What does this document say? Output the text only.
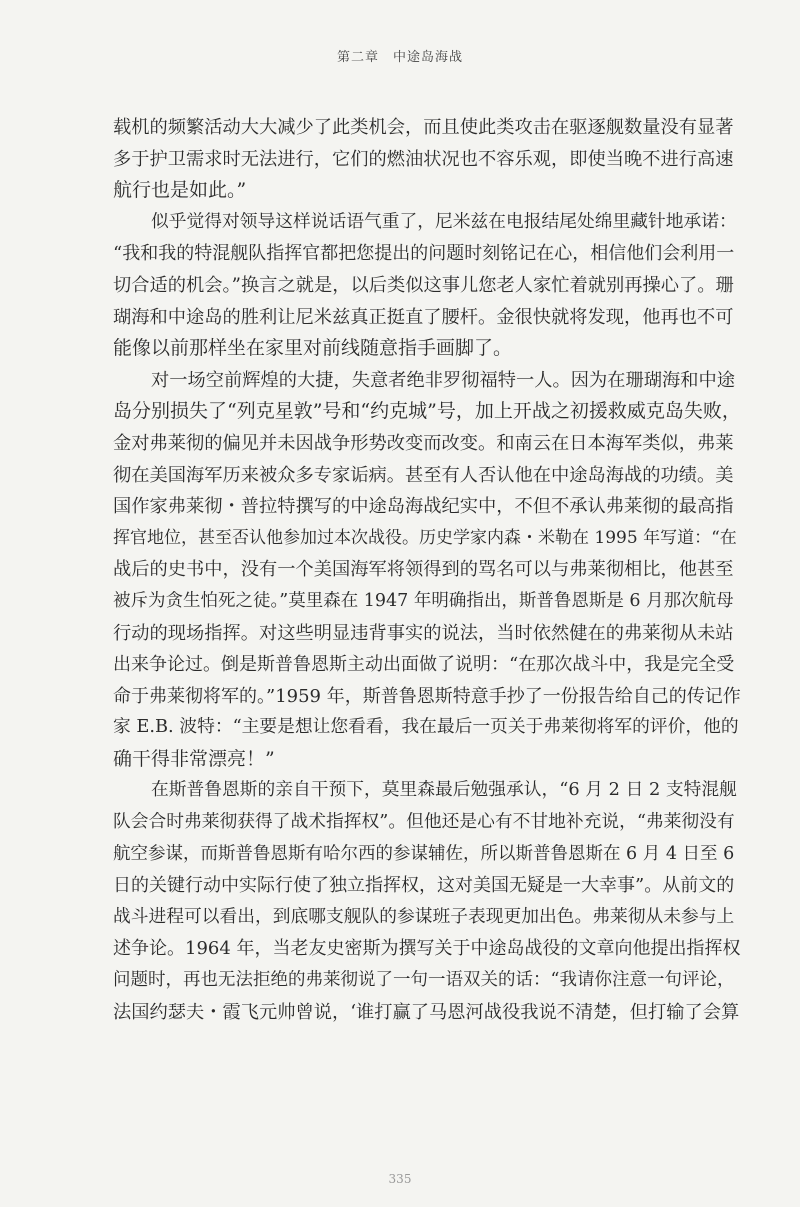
第二章　中途岛海战

载机的频繁活动大大减少了此类机会，而且使此类攻击在驱逐舰数量没有显著
多于护卫需求时无法进行，它们的燃油状况也不容乐观，即使当晚不进行高速
航行也是如此。”

似乎觉得对领导这样说话语气重了，尼米兹在电报结尾处绵里藏针地承诺：
“我和我的特混舰队指挥官都把您提出的问题时刻铭记在心，相信他们会利用一
切合适的机会。”换言之就是，以后类似这事儿您老人家忙着就别再操心了。珊
瑚海和中途岛的胜利让尼米兹真正挺直了腰杆。金很快就将发现，他再也不可
能像以前那样坐在家里对前线随意指手画脚了。

对一场空前辉煌的大捷，失意者绝非罗彻福特一人。因为在珊瑚海和中途
岛分别损失了“列克星敦”号和“约克城”号，加上开战之初援救威克岛失败，
金对弗莱彻的偏见并未因战争形势改变而改变。和南云在日本海军类似，弗莱
彻在美国海军历来被众多专家诟病。甚至有人否认他在中途岛海战的功绩。美
国作家弗莱彻・普拉特撰写的中途岛海战纪实中，不但不承认弗莱彻的最高指
挥官地位，甚至否认他参加过本次战役。历史学家内森・米勒在 1995 年写道：“在
战后的史书中，没有一个美国海军将领得到的骂名可以与弗莱彻相比，他甚至
被斥为贪生怕死之徒。”莫里森在 1947 年明确指出，斯普鲁恩斯是 6 月那次航母
行动的现场指挥。对这些明显违背事实的说法，当时依然健在的弗莱彻从未站
出来争论过。倒是斯普鲁恩斯主动出面做了说明：“在那次战斗中，我是完全受
命于弗莱彻将军的。”1959 年，斯普鲁恩斯特意手抄了一份报告给自己的传记作
家 E.B. 波特：“主要是想让您看看，我在最后一页关于弗莱彻将军的评价，他的
确干得非常漂亮！”

在斯普鲁恩斯的亲自干预下，莫里森最后勉强承认，“6 月 2 日 2 支特混舰
队会合时弗莱彻获得了战术指挥权”。但他还是心有不甘地补充说，“弗莱彻没有
航空参谋，而斯普鲁恩斯有哈尔西的参谋辅佐，所以斯普鲁恩斯在 6 月 4 日至 6
日的关键行动中实际行使了独立指挥权，这对美国无疑是一大幸事”。从前文的
战斗进程可以看出，到底哪支舰队的参谋班子表现更加出色。弗莱彻从未参与上
述争论。1964 年，当老友史密斯为撰写关于中途岛战役的文章向他提出指挥权
问题时，再也无法拒绝的弗莱彻说了一句一语双关的话：“我请你注意一句评论，
法国约瑟夫・霞飞元帅曾说，‘谁打赢了马恩河战役我说不清楚，但打输了会算

335
